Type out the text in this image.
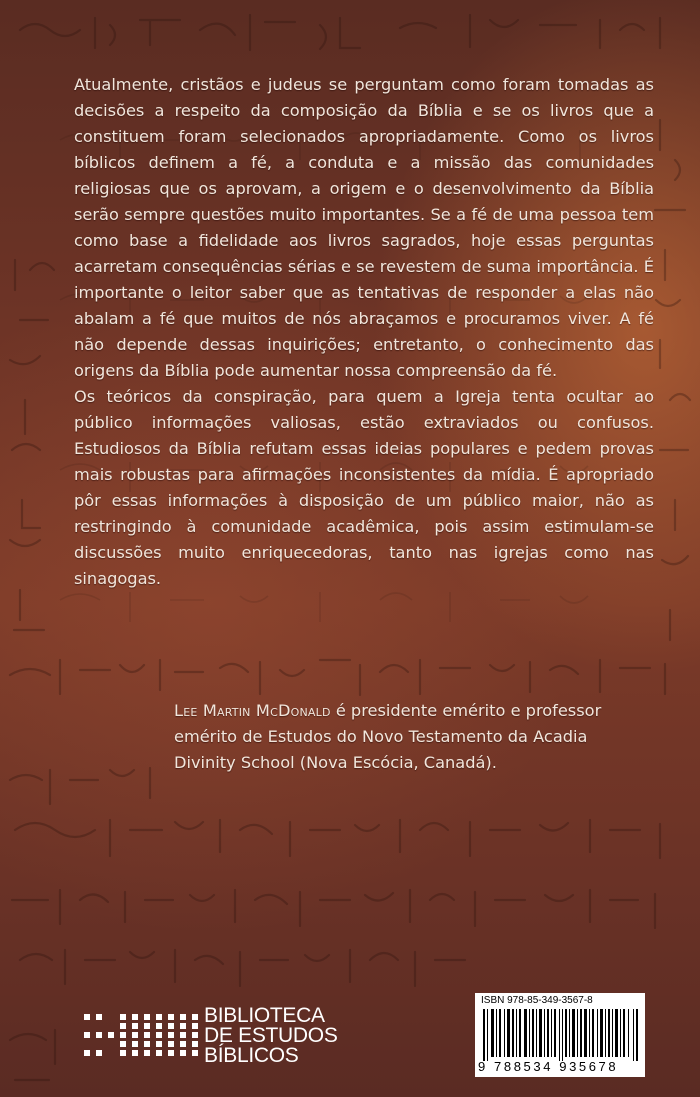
Atualmente, cristãos e judeus se perguntam como foram tomadas as decisões a respeito da composição da Bíblia e se os livros que a constituem foram selecionados apropriadamente. Como os livros bíblicos definem a fé, a conduta e a missão das comunidades religiosas que os aprovam, a origem e o desenvolvimento da Bíblia serão sempre questões muito importantes. Se a fé de uma pessoa tem como base a fidelidade aos livros sagrados, hoje essas perguntas acarretam consequências sérias e se revestem de suma importância. É importante o leitor saber que as tentativas de responder a elas não abalam a fé que muitos de nós abraçamos e procuramos viver. A fé não depende dessas inquirições; entretanto, o conhecimento das origens da Bíblia pode aumentar nossa compreensão da fé.

Os teóricos da conspiração, para quem a Igreja tenta ocultar ao público informações valiosas, estão extraviados ou confusos. Estudiosos da Bíblia refutam essas ideias populares e pedem provas mais robustas para afirmações inconsistentes da mídia. É apropriado pôr essas informações à disposição de um público maior, não as restringindo à comunidade acadêmica, pois assim estimulam-se discussões muito enriquecedoras, tanto nas igrejas como nas sinagogas.

Lee Martin McDonald é presidente emérito e professor emérito de Estudos do Novo Testamento da Acadia Divinity School (Nova Escócia, Canadá).
BIBLIOTECA
DE ESTUDOS
BÍBLICOS
ISBN 978-85-349-3567-8
9 788534 935678
